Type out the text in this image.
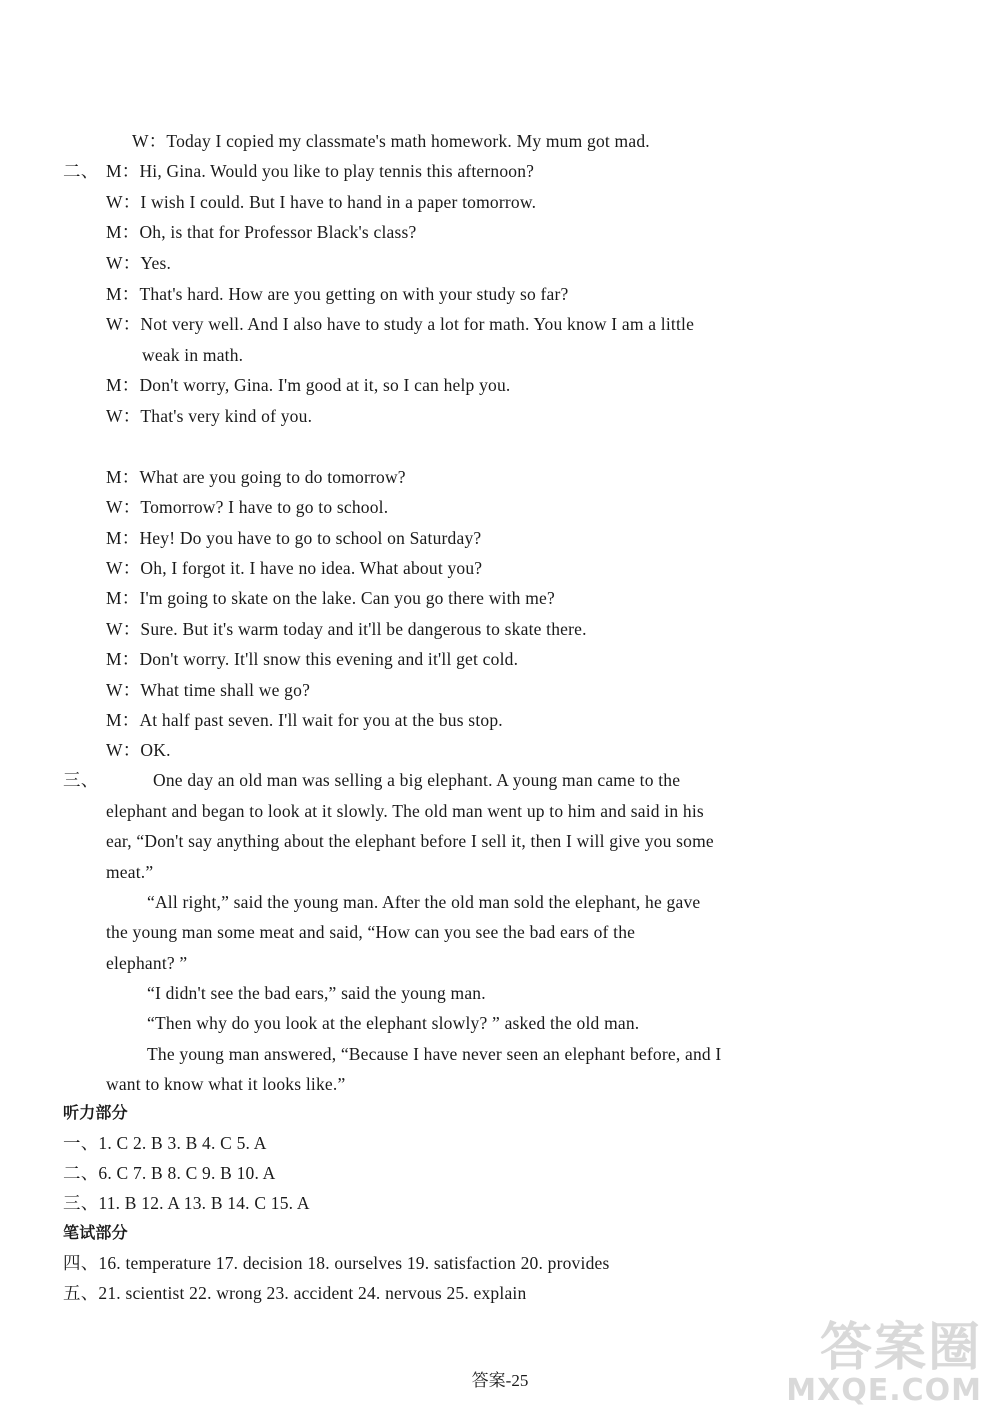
W：Today I copied my classmate's math homework. My mum got mad.
二、 M：Hi, Gina. Would you like to play tennis this afternoon?
W：I wish I could. But I have to hand in a paper tomorrow.
M：Oh, is that for Professor Black's class?
W：Yes.
M：That's hard. How are you getting on with your study so far?
W：Not very well. And I also have to study a lot for math. You know I am a little
weak in math.
M：Don't worry, Gina. I'm good at it, so I can help you.
W：That's very kind of you.
M：What are you going to do tomorrow?
W：Tomorrow? I have to go to school.
M：Hey! Do you have to go to school on Saturday?
W：Oh, I forgot it. I have no idea. What about you?
M：I'm going to skate on the lake. Can you go there with me?
W：Sure. But it's warm today and it'll be dangerous to skate there.
M：Don't worry. It'll snow this evening and it'll get cold.
W：What time shall we go?
M：At half past seven. I'll wait for you at the bus stop.
W：OK.
三、	One day an old man was selling a big elephant. A young man came to the
elephant and began to look at it slowly. The old man went up to him and said in his
ear, “Don't say anything about the elephant before I sell it, then I will give you some
meat.”
“All right,” said the young man. After the old man sold the elephant, he gave
the young man some meat and said, “How can you see the bad ears of the
elephant? ”
“I didn't see the bad ears,” said the young man.
“Then why do you look at the elephant slowly? ” asked the old man.
The young man answered, “Because I have never seen an elephant before, and I
want to know what it looks like.”
听力部分
一、1. C 2. B 3. B 4. C 5. A
二、6. C 7. B 8. C 9. B 10. A
三、11. B 12. A 13. B 14. C 15. A
笔试部分
四、16. temperature 17. decision 18. ourselves 19. satisfaction 20. provides
五、21. scientist 22. wrong 23. accident 24. nervous 25. explain
答案-25
答案圈
MXQE.COM
